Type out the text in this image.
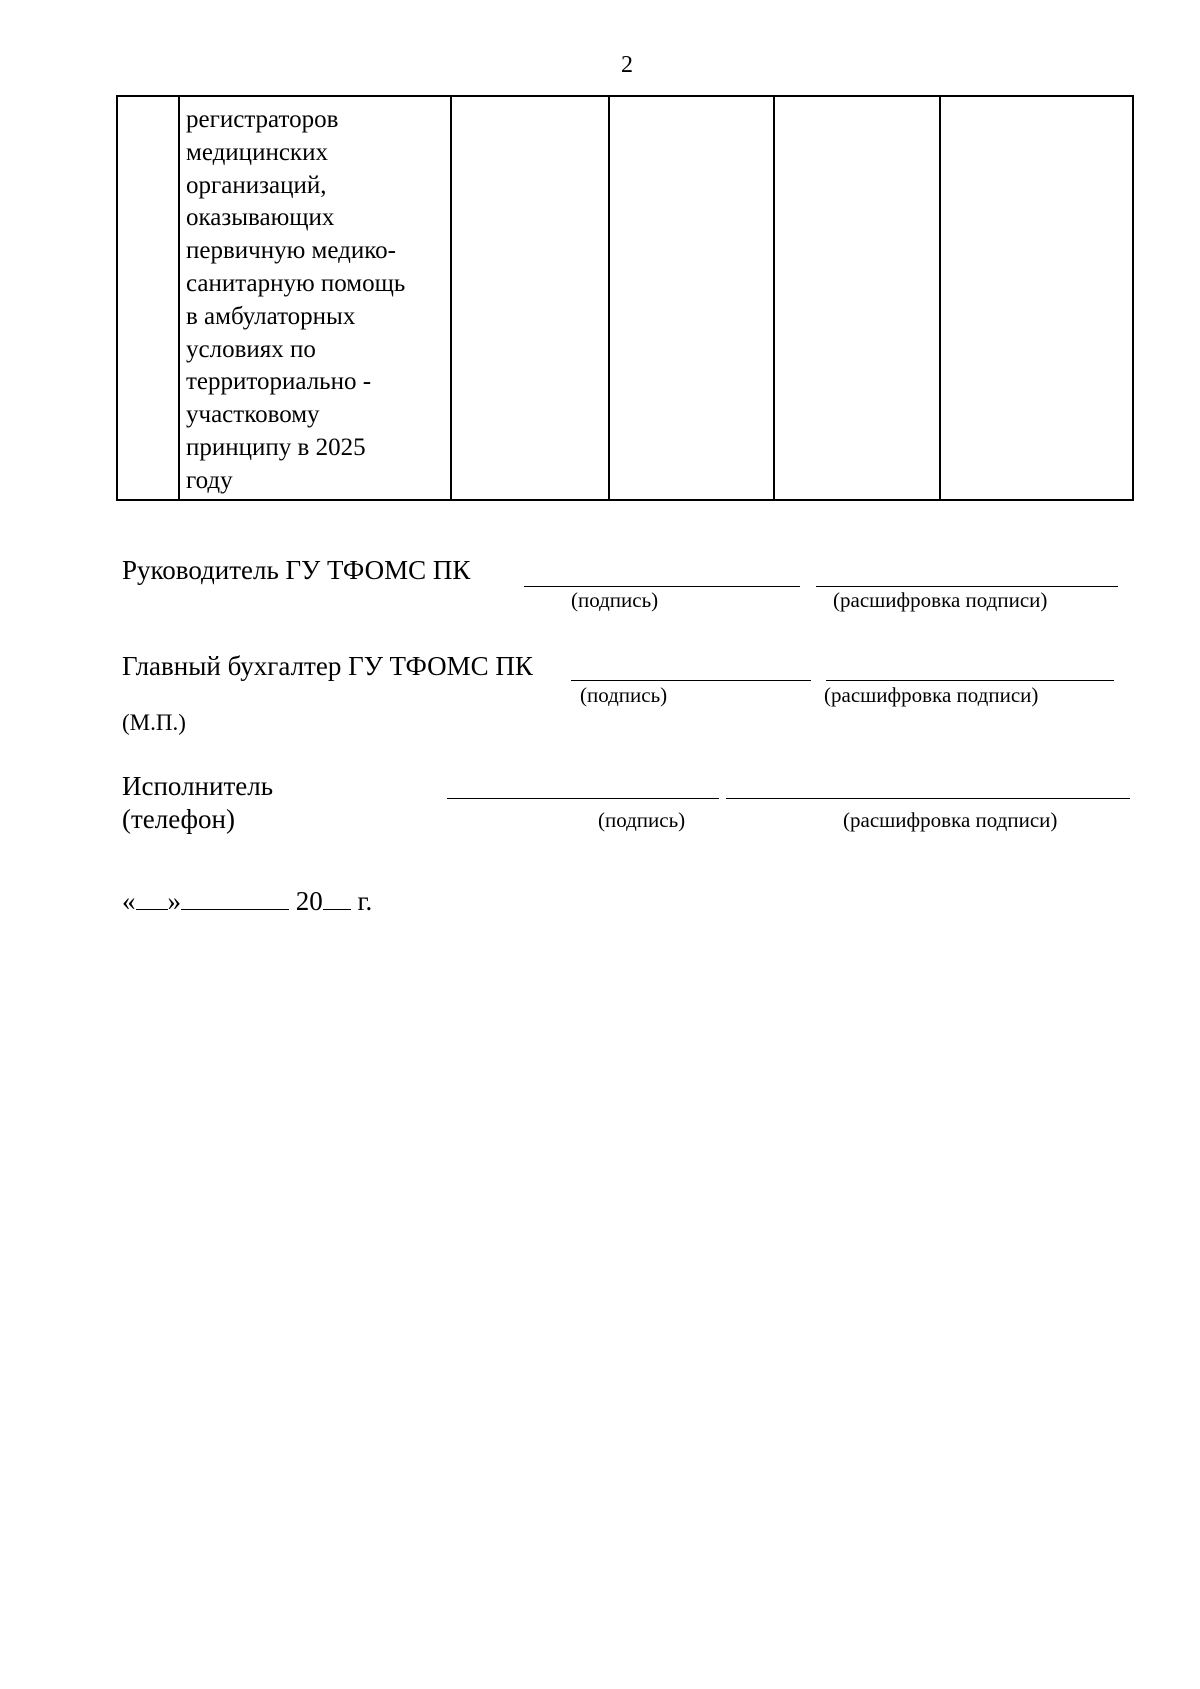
2

регистраторов
медицинских
организаций,
оказывающих
первичную медико-
санитарную помощь
в амбулаторных
условиях по
территориально -
участковому
принципу в 2025
году

Руководитель ГУ ТФОМС ПК
(подпись)	(расшифровка подписи)
Главный бухгалтер ГУ ТФОМС ПК
(подпись)	(расшифровка подписи)
(М.П.)
Исполнитель
(телефон)	(подпись)	(расшифровка подписи)
« »	20 г.
